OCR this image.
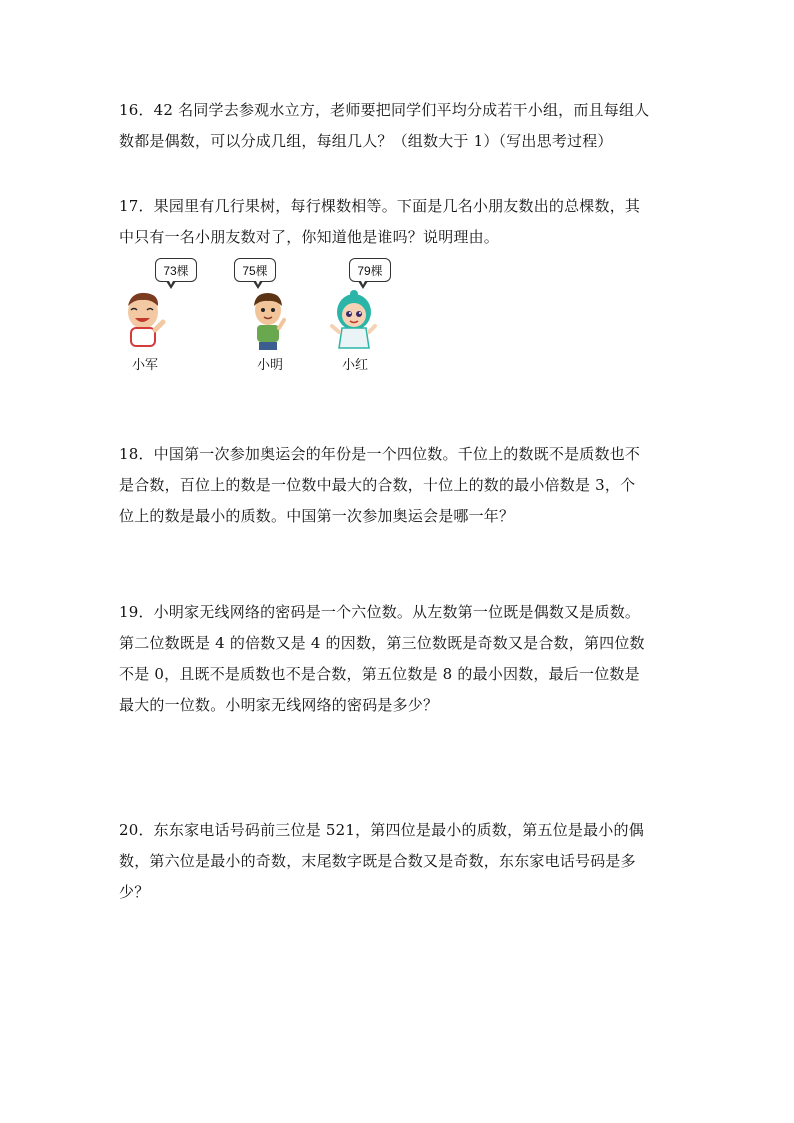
16．42 名同学去参观水立方，老师要把同学们平均分成若干小组，而且每组人

数都是偶数，可以分成几组，每组几人？（组数大于 1）（写出思考过程）

17．果园里有几行果树，每行棵数相等。下面是几名小朋友数出的总棵数，其

中只有一名小朋友数对了，你知道他是谁吗？说明理由。

73棵
小军
75棵
小明
79棵
小红

18．中国第一次参加奥运会的年份是一个四位数。千位上的数既不是质数也不

是合数，百位上的数是一位数中最大的合数，十位上的数的最小倍数是 3，个

位上的数是最小的质数。中国第一次参加奥运会是哪一年？

19．小明家无线网络的密码是一个六位数。从左数第一位既是偶数又是质数。

第二位数既是 4 的倍数又是 4 的因数，第三位数既是奇数又是合数，第四位数

不是 0，且既不是质数也不是合数，第五位数是 8 的最小因数，最后一位数是

最大的一位数。小明家无线网络的密码是多少？

20．东东家电话号码前三位是 521，第四位是最小的质数，第五位是最小的偶

数，第六位是最小的奇数，末尾数字既是合数又是奇数，东东家电话号码是多

少？
